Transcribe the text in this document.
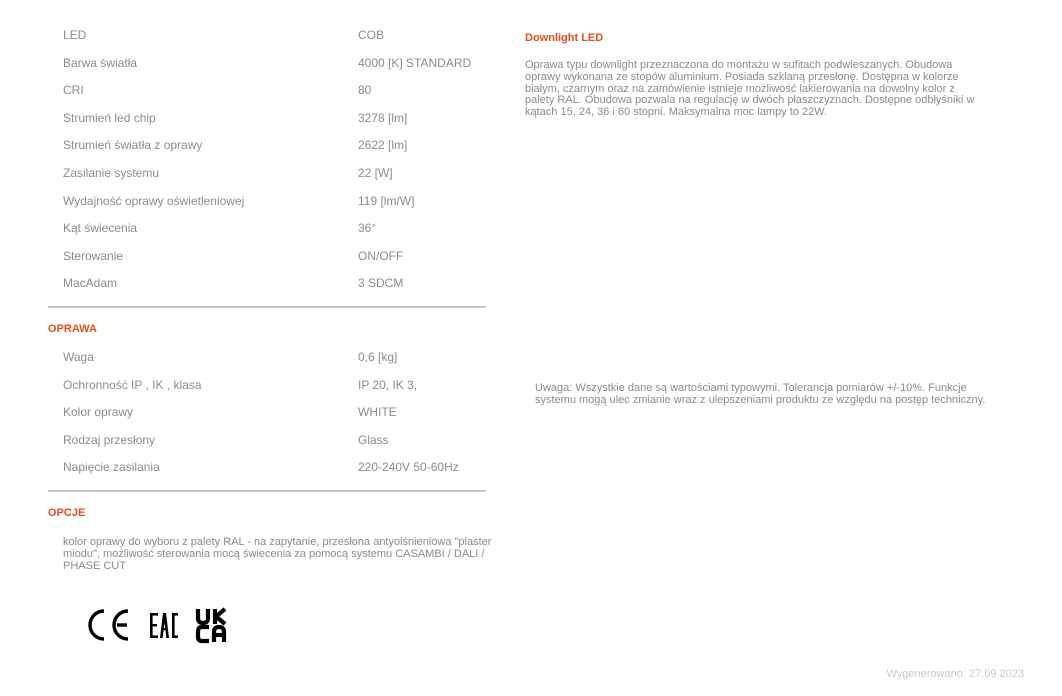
LED	COB
Barwa światła	4000 [K] STANDARD
CRI	80
Strumień led chip	3278 [lm]
Strumień światła z oprawy	2622 [lm]
Zasilanie systemu	22 [W]
Wydajność oprawy oświetleniowej	119 [lm/W]
Kąt świecenia	36°
Sterowanie	ON/OFF
MacAdam	3 SDCM
OPRAWA
Waga	0,6 [kg]
Ochronność IP , IK , klasa	IP 20, IK 3,
Kolor oprawy	WHITE
Rodzaj przesłony	Glass
Napięcie zasilania	220-240V 50-60Hz
OPCJE
kolor oprawy do wyboru z palety RAL - na zapytanie, przesłona antyolśnieniowa "plaster miodu", możliwość sterowania mocą świecenia za pomocą systemu CASAMBI / DALI / PHASE CUT
Downlight LED
Oprawa typu downlight przeznaczona do montażu w sufitach podwieszanych. Obudowa oprawy wykonana ze stopów aluminium. Posiada szklaną przesłonę. Dostępna w kolorze białym, czarnym oraz na zamówienie istnieje możliwość lakierowania na dowolny kolor z palety RAL. Obudowa pozwala na regulację w dwóch płaszczyznach. Dostępne odbłyśniki w kątach 15, 24, 36 i 60 stopni. Maksymalna moc lampy to 22W.
Uwaga: Wszystkie dane są wartościami typowymi. Tolerancja pomiarów +/-10%. Funkcje systemu mogą ulec zmianie wraz z ulepszeniami produktu ze względu na postęp techniczny.
Wygenerowano: 27.09.2023
